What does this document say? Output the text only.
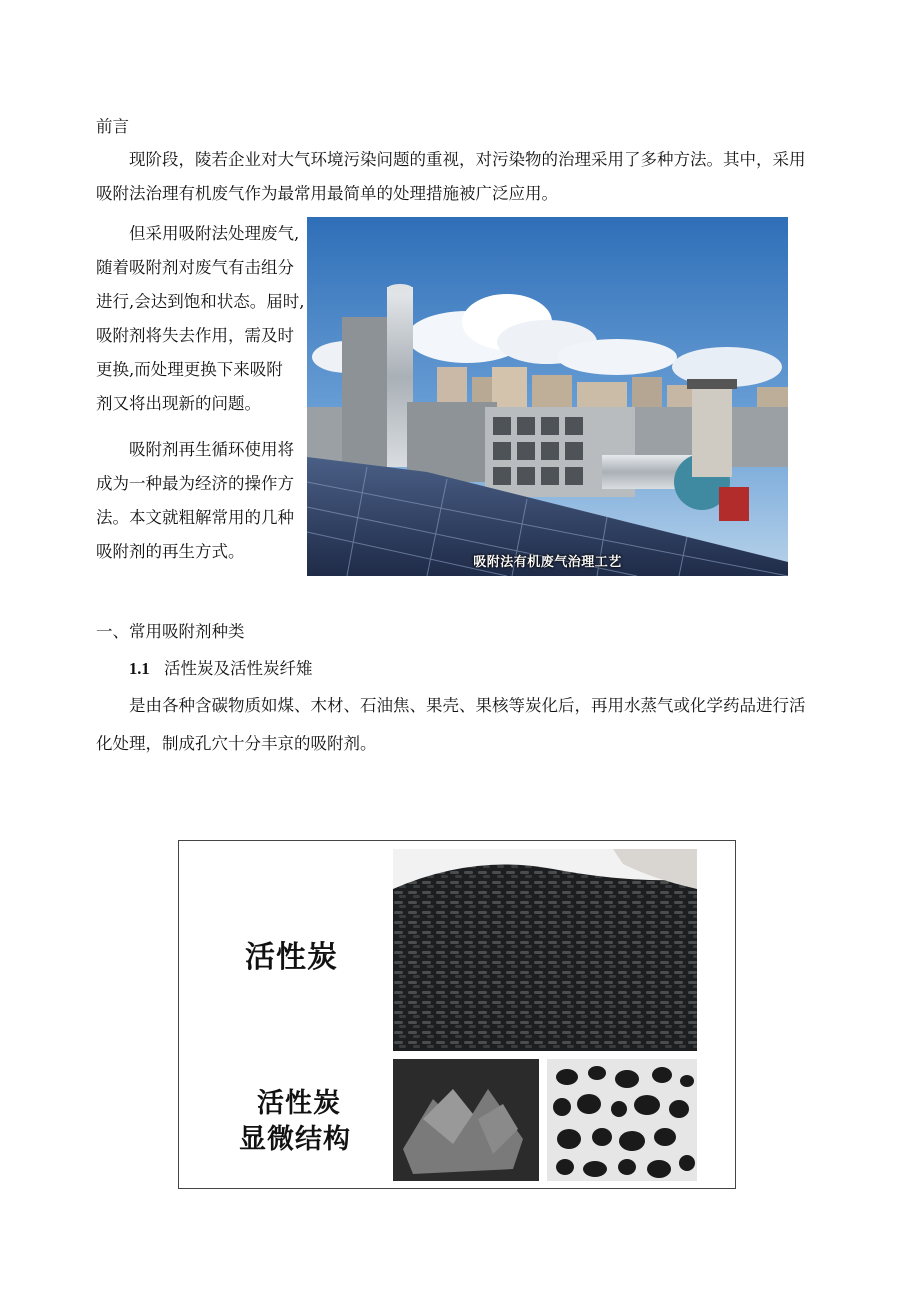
前言
现阶段，陵若企业对大气环境污染问题的重视，对污染物的治理采用了多种方法。其中，采用
吸附法治理有机废气作为最常用最简单的处理措施被广泛应用。
但采用吸附法处理废气,
随着吸附剂对废气有击组分
进行,会达到饱和状态。届时,
吸附剂将失去作用，需及时
更换,而处理更换下来吸附
剂又将出现新的问题。
吸附剂再生循环使用将
成为一种最为经济的操作方
法。本文就粗解常用的几种
吸附剂的再生方式。
吸附法有机废气治理工艺
一、常用吸附剂种类
1.1 活性炭及活性炭纤雉
是由各种含碳物质如煤、木材、石油焦、果壳、果核等炭化后，再用水蒸气或化学药品进行活
化处理，制成孔穴十分丰京的吸附剂。
活性炭
活性炭
显微结构
